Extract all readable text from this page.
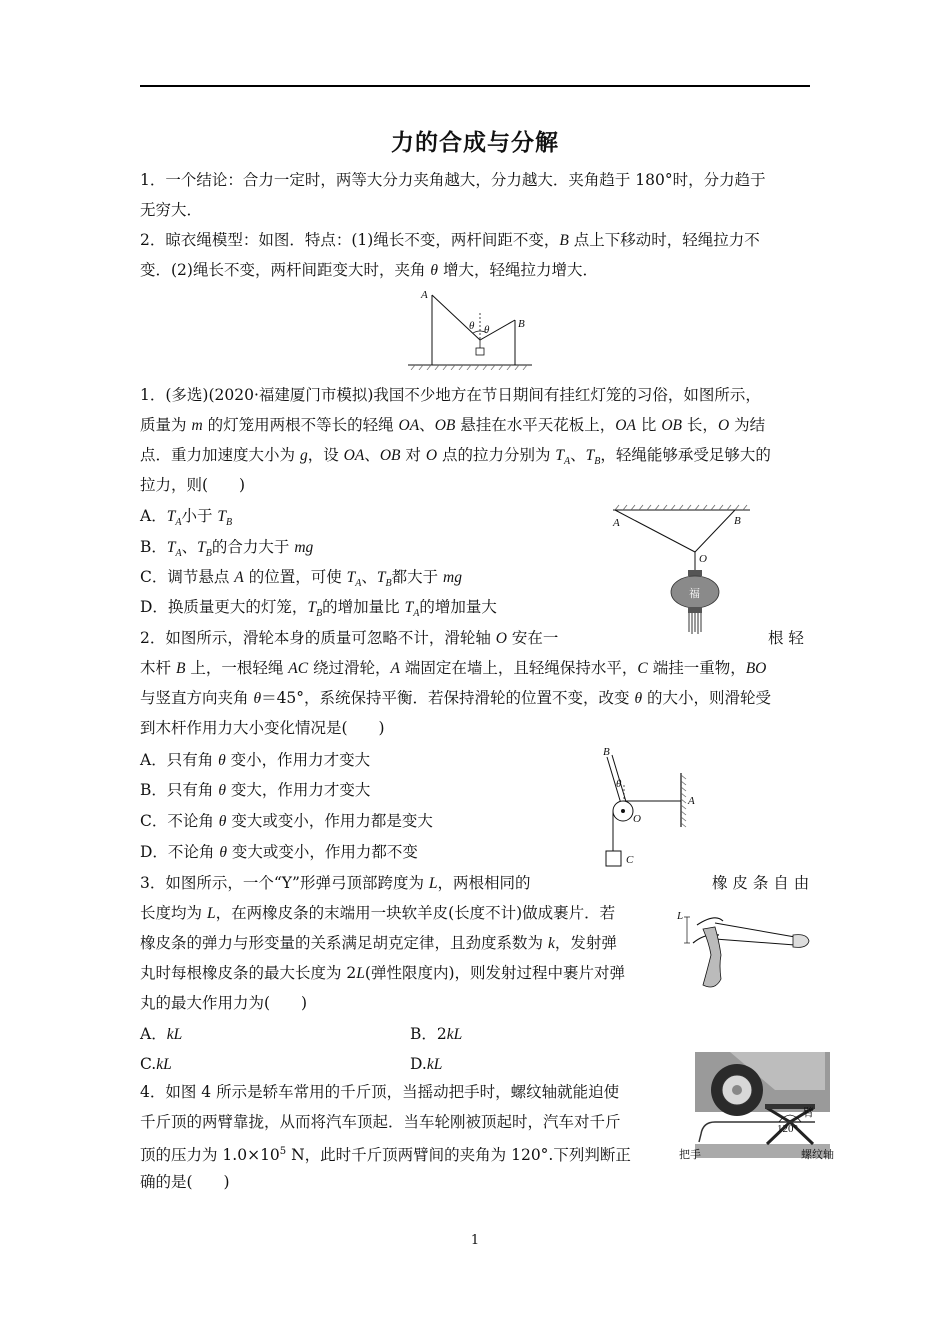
力的合成与分解
1．一个结论：合力一定时，两等大分力夹角越大，分力越大．夹角趋于 180°时，分力趋于
无穷大．
2．晾衣绳模型：如图．特点：(1)绳长不变，两杆间距不变，B 点上下移动时，轻绳拉力不
变．(2)绳长不变，两杆间距变大时，夹角 θ 增大，轻绳拉力增大．
A
B
θ θ
1．(多选)(2020·福建厦门市模拟)我国不少地方在节日期间有挂红灯笼的习俗，如图所示，
质量为 m 的灯笼用两根不等长的轻绳 OA、OB 悬挂在水平天花板上，OA 比 OB 长，O 为结
点．重力加速度大小为 g，设 OA、OB 对 O 点的拉力分别为 $T_A$、$T_B$，轻绳能够承受足够大的
拉力，则(　　)
A．$T_A$小于 $T_B$
B．$T_A$、$T_B$的合力大于 mg
C．调节悬点 A 的位置，可使 $T_A$、$T_B$都大于 mg
D．换质量更大的灯笼，$T_B$的增加量比 $T_A$的增加量大
A	B
O
福
2．如图所示，滑轮本身的质量可忽略不计，滑轮轴 O 安在一	根 轻
木杆 B 上，一根轻绳 AC 绕过滑轮，A 端固定在墙上，且轻绳保持水平，C 端挂一重物，BO
与竖直方向夹角 θ＝45°，系统保持平衡．若保持滑轮的位置不变，改变 θ 的大小，则滑轮受
到木杆作用力大小变化情况是(　　)
A．只有角 θ 变小，作用力才变大
B．只有角 θ 变大，作用力才变大
C．不论角 θ 变大或变小，作用力都是变大
D．不论角 θ 变大或变小，作用力都不变
B
θ
O
A
C
3．如图所示，一个“Y”形弹弓顶部跨度为 L，两根相同的	橡 皮 条 自 由
长度均为 L，在两橡皮条的末端用一块软羊皮(长度不计)做成裹片．若
橡皮条的弹力与形变量的关系满足胡克定律，且劲度系数为 k，发射弹
丸时每根橡皮条的最大长度为 2L(弹性限度内)，则发射过程中裹片对弹
丸的最大作用力为(　　)
A．kL	B．2kL
C.kL	D.kL
L
4．如图 4 所示是轿车常用的千斤顶，当摇动把手时，螺纹轴就能迫使
千斤顶的两臂靠拢，从而将汽车顶起．当车轮刚被顶起时，汽车对千斤
顶的压力为 $1.0\times 10^5$ N，此时千斤顶两臂间的夹角为 120°.下列判断正
确的是(　　)
臂
120°
把手	螺纹轴
1
